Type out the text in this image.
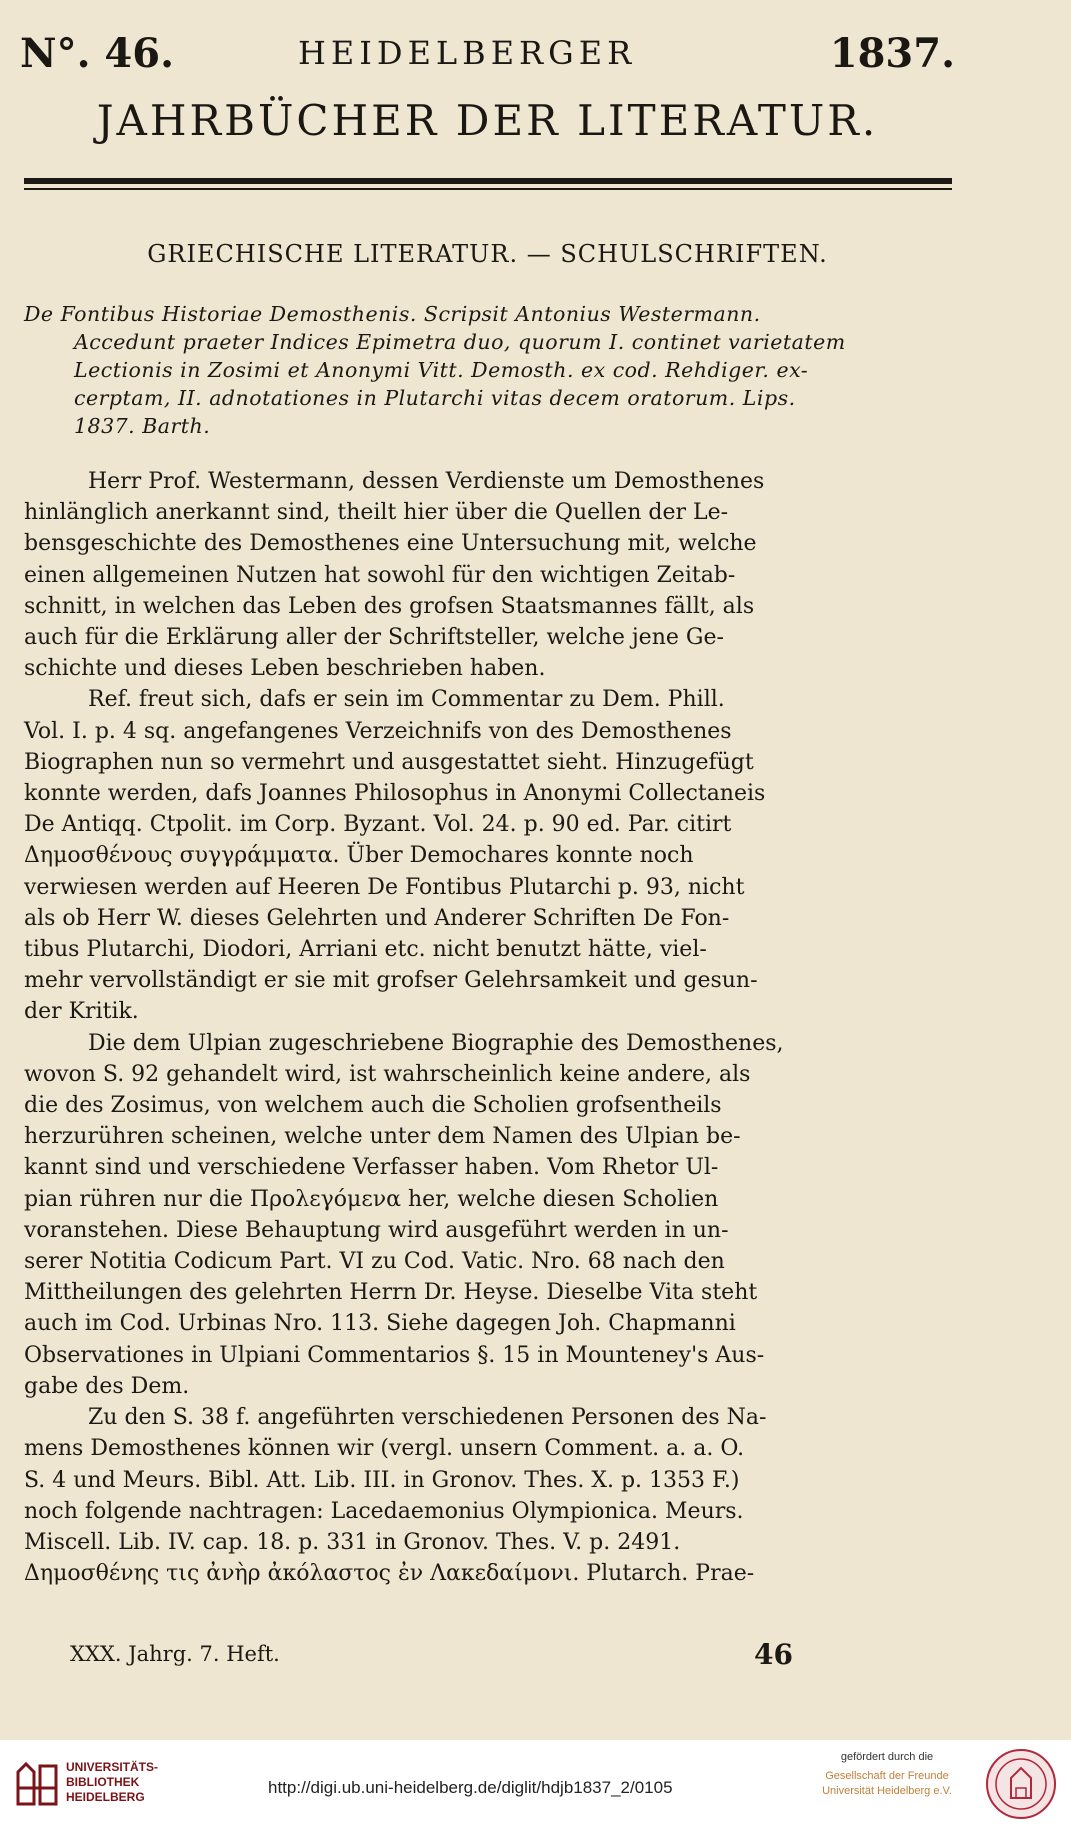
N°. 46.	HEIDELBERGER	1837.
JAHRBÜCHER DER LITERATUR.
GRIECHISCHE LITERATUR. — SCHULSCHRIFTEN.
De Fontibus Historiae Demosthenis. Scripsit Antonius Westermann.
Accedunt praeter Indices Epimetra duo, quorum I. continet varietatem
Lectionis in Zosimi et Anonymi Vitt. Demosth. ex cod. Rehdiger. ex-
cerptam, II. adnotationes in Plutarchi vitas decem oratorum. Lips.
1837. Barth.
Herr Prof. Westermann, dessen Verdienste um Demosthenes
hinlänglich anerkannt sind, theilt hier über die Quellen der Le-
bensgeschichte des Demosthenes eine Untersuchung mit, welche
einen allgemeinen Nutzen hat sowohl für den wichtigen Zeitab-
schnitt, in welchen das Leben des grofsen Staatsmannes fällt, als
auch für die Erklärung aller der Schriftsteller, welche jene Ge-
schichte und dieses Leben beschrieben haben.
Ref. freut sich, dafs er sein im Commentar zu Dem. Phill.
Vol. I. p. 4 sq. angefangenes Verzeichnifs von des Demosthenes
Biographen nun so vermehrt und ausgestattet sieht. Hinzugefügt
konnte werden, dafs Joannes Philosophus in Anonymi Collectaneis
De Antiqq. Ctpolit. im Corp. Byzant. Vol. 24. p. 90 ed. Par. citirt
Δημοσθένους συγγράμματα. Über Demochares konnte noch
verwiesen werden auf Heeren De Fontibus Plutarchi p. 93, nicht
als ob Herr W. dieses Gelehrten und Anderer Schriften De Fon-
tibus Plutarchi, Diodori, Arriani etc. nicht benutzt hätte, viel-
mehr vervollständigt er sie mit grofser Gelehrsamkeit und gesun-
der Kritik.
Die dem Ulpian zugeschriebene Biographie des Demosthenes,
wovon S. 92 gehandelt wird, ist wahrscheinlich keine andere, als
die des Zosimus, von welchem auch die Scholien grofsentheils
herzurühren scheinen, welche unter dem Namen des Ulpian be-
kannt sind und verschiedene Verfasser haben. Vom Rhetor Ul-
pian rühren nur die Προλεγόμενα her, welche diesen Scholien
voranstehen. Diese Behauptung wird ausgeführt werden in un-
serer Notitia Codicum Part. VI zu Cod. Vatic. Nro. 68 nach den
Mittheilungen des gelehrten Herrn Dr. Heyse. Dieselbe Vita steht
auch im Cod. Urbinas Nro. 113. Siehe dagegen Joh. Chapmanni
Observationes in Ulpiani Commentarios §. 15 in Mounteney's Aus-
gabe des Dem.
Zu den S. 38 f. angeführten verschiedenen Personen des Na-
mens Demosthenes können wir (vergl. unsern Comment. a. a. O.
S. 4 und Meurs. Bibl. Att. Lib. III. in Gronov. Thes. X. p. 1353 F.)
noch folgende nachtragen: Lacedaemonius Olympionica. Meurs.
Miscell. Lib. IV. cap. 18. p. 331 in Gronov. Thes. V. p. 2491.
Δημοσθένης τις ἀνὴρ ἀκόλαστος ἐν Λακεδαίμονι. Plutarch. Prae-
XXX. Jahrg. 7. Heft.	46
UNIVERSITÄTS-
BIBLIOTHEK
HEIDELBERG	http://digi.ub.uni-heidelberg.de/diglit/hdjb1837_2/0105
gefördert durch die
Gesellschaft der Freunde
Universität Heidelberg e.V.
